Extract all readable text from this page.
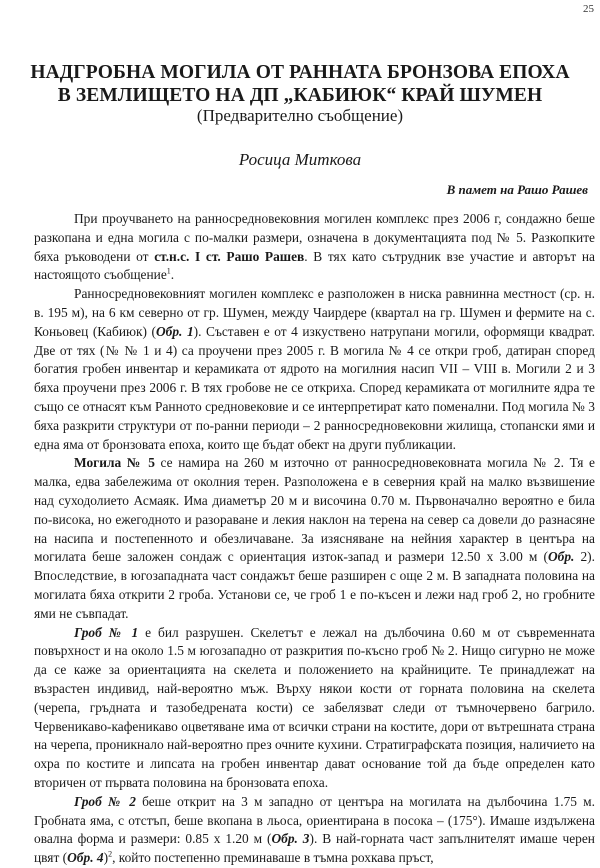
25
НАДГРОБНА МОГИЛА ОТ РАННАТА БРОНЗОВА ЕПОХА
В ЗЕМЛИЩЕТО НА ДП „КАБИЮК“ КРАЙ ШУМЕН
(Предварително съобщение)
Росица Миткова
В памет на Рашо Рашев

При проучването на ранносредновековния могилен комплекс през 2006 г, сондажно беше разкопана и една могила с по-малки размери, означена в документацията под № 5. Разкопките бяха ръководени от ст.н.с. I ст. Рашо Рашев. В тях като сътрудник взе участие и авторът на настоящото съобщение$^1$.

Ранносредновековният могилен комплекс е разположен в ниска равнинна местност (ср. н. в. 195 м), на 6 км северно от гр. Шумен, между Чаирдере (квартал на гр. Шумен и фермите на с. Коньовец (Кабиюк) (Обр. 1). Съставен е от 4 изкуствено натрупани могили, оформящи квадрат. Две от тях (№ № 1 и 4) са проучени през 2005 г. В могила № 4 се откри гроб, датиран според богатия гробен инвентар и керамиката от ядрото на могилния насип VII – VIII в. Могили 2 и 3 бяха проучени през 2006 г. В тях гробове не се откриха. Според керамиката от могилните ядра те също се отнасят към Ранното средновековие и се интерпретират като поменални. Под могила № 3 бяха разкрити структури от по-ранни периоди – 2 ранносредновековни жилища, стопански ями и една яма от бронзовата епоха, които ще бъдат обект на други публикации.

Могила № 5 се намира на 260 м източно от ранносредновековната могила № 2. Тя е малка, едва забележима от околния терен. Разположена е в северния край на малко възвишение над суходолието Асмаяк. Има диаметър 20 м и височина 0.70 м. Първоначално вероятно е била по-висока, но ежегодното и разораване и лекия наклон на терена на север са довели до разнасяне на насипа и постепенното и обезличаване. За изясняване на нейния характер в центъра на могилата беше заложен сондаж с ориентация изток-запад и размери 12.50 х 3.00 м (Обр. 2). Впоследствие, в югозападната част сондажът беше разширен с още 2 м. В западната половина на могилата бяха открити 2 гроба. Установи се, че гроб 1 е по-късен и лежи над гроб 2, но гробните ями не съвпадат.

Гроб № 1 е бил разрушен. Скелетът е лежал на дълбочина 0.60 м от съвременната повърхност и на около 1.5 м югозападно от разкрития по-късно гроб № 2. Нищо сигурно не може да се каже за ориентацията на скелета и положението на крайниците. Те принадлежат на възрастен индивид, най-вероятно мъж. Върху някои кости от горната половина на скелета (черепа, гръдната и тазобедрената кости) се забелязват следи от тъмночервено багрило. Червеникаво-кафеникаво оцветяване има от всички страни на костите, дори от вътрешната страна на черепа, проникнало най-вероятно през очните кухини. Стратиграфската позиция, наличието на охра по костите и липсата на гробен инвентар дават основание той да бъде определен като вторичен от първата половина на бронзовата епоха.

Гроб № 2 беше открит на 3 м западно от центъра на могилата на дълбочина 1.75 м. Гробната яма, с отстъп, беше вкопана в льоса, ориентирана в посока – (175°). Имаше издължена овална форма и размери: 0.85 х 1.20 м (Обр. 3). В най-горната част запълнителят имаше черен цвят (Обр. 4)$^2$, който постепенно преминаваше в тъмна рохкава пръст,
